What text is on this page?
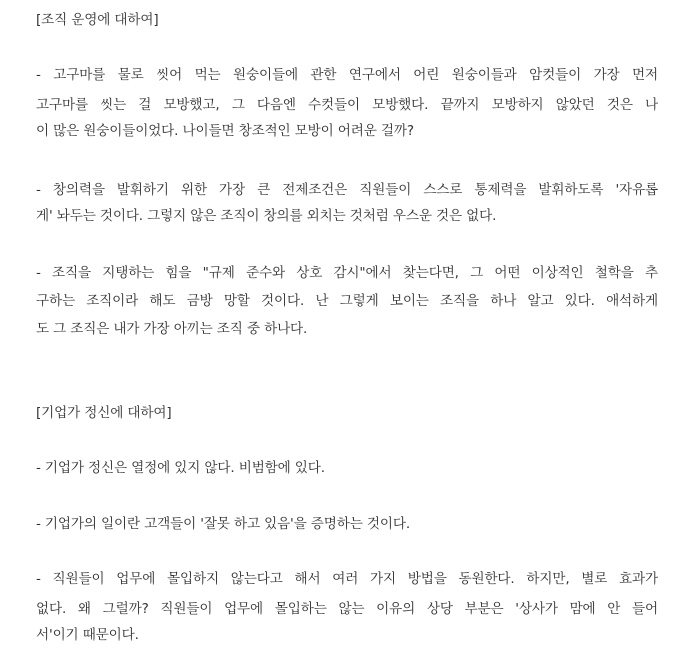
[조직 운영에 대하여]
- 고구마를 물로 씻어 먹는 원숭이들에 관한 연구에서 어린 원숭이들과 암컷들이 가장 먼저
고구마를 씻는 걸 모방했고, 그 다음엔 수컷들이 모방했다. 끝까지 모방하지 않았던 것은 나
이 많은 원숭이들이었다. 나이들면 창조적인 모방이 어려운 걸까?
- 창의력을 발휘하기 위한 가장 큰 전제조건은 직원들이 스스로 통제력을 발휘하도록 '자유롭
게' 놔두는 것이다. 그렇지 않은 조직이 창의를 외치는 것처럼 우스운 것은 없다.
- 조직을 지탱하는 힘을 "규제 준수와 상호 감시"에서 찾는다면, 그 어떤 이상적인 철학을 추
구하는 조직이라 해도 금방 망할 것이다. 난 그렇게 보이는 조직을 하나 알고 있다. 애석하게
도 그 조직은 내가 가장 아끼는 조직 중 하나다.
[기업가 정신에 대하여]
- 기업가 정신은 열정에 있지 않다. 비범함에 있다.
- 기업가의 일이란 고객들이 '잘못 하고 있음'을 증명하는 것이다.
- 직원들이 업무에 몰입하지 않는다고 해서 여러 가지 방법을 동원한다. 하지만, 별로 효과가
없다. 왜 그럴까? 직원들이 업무에 몰입하는 않는 이유의 상당 부분은 '상사가 맘에 안 들어
서'이기 때문이다.
